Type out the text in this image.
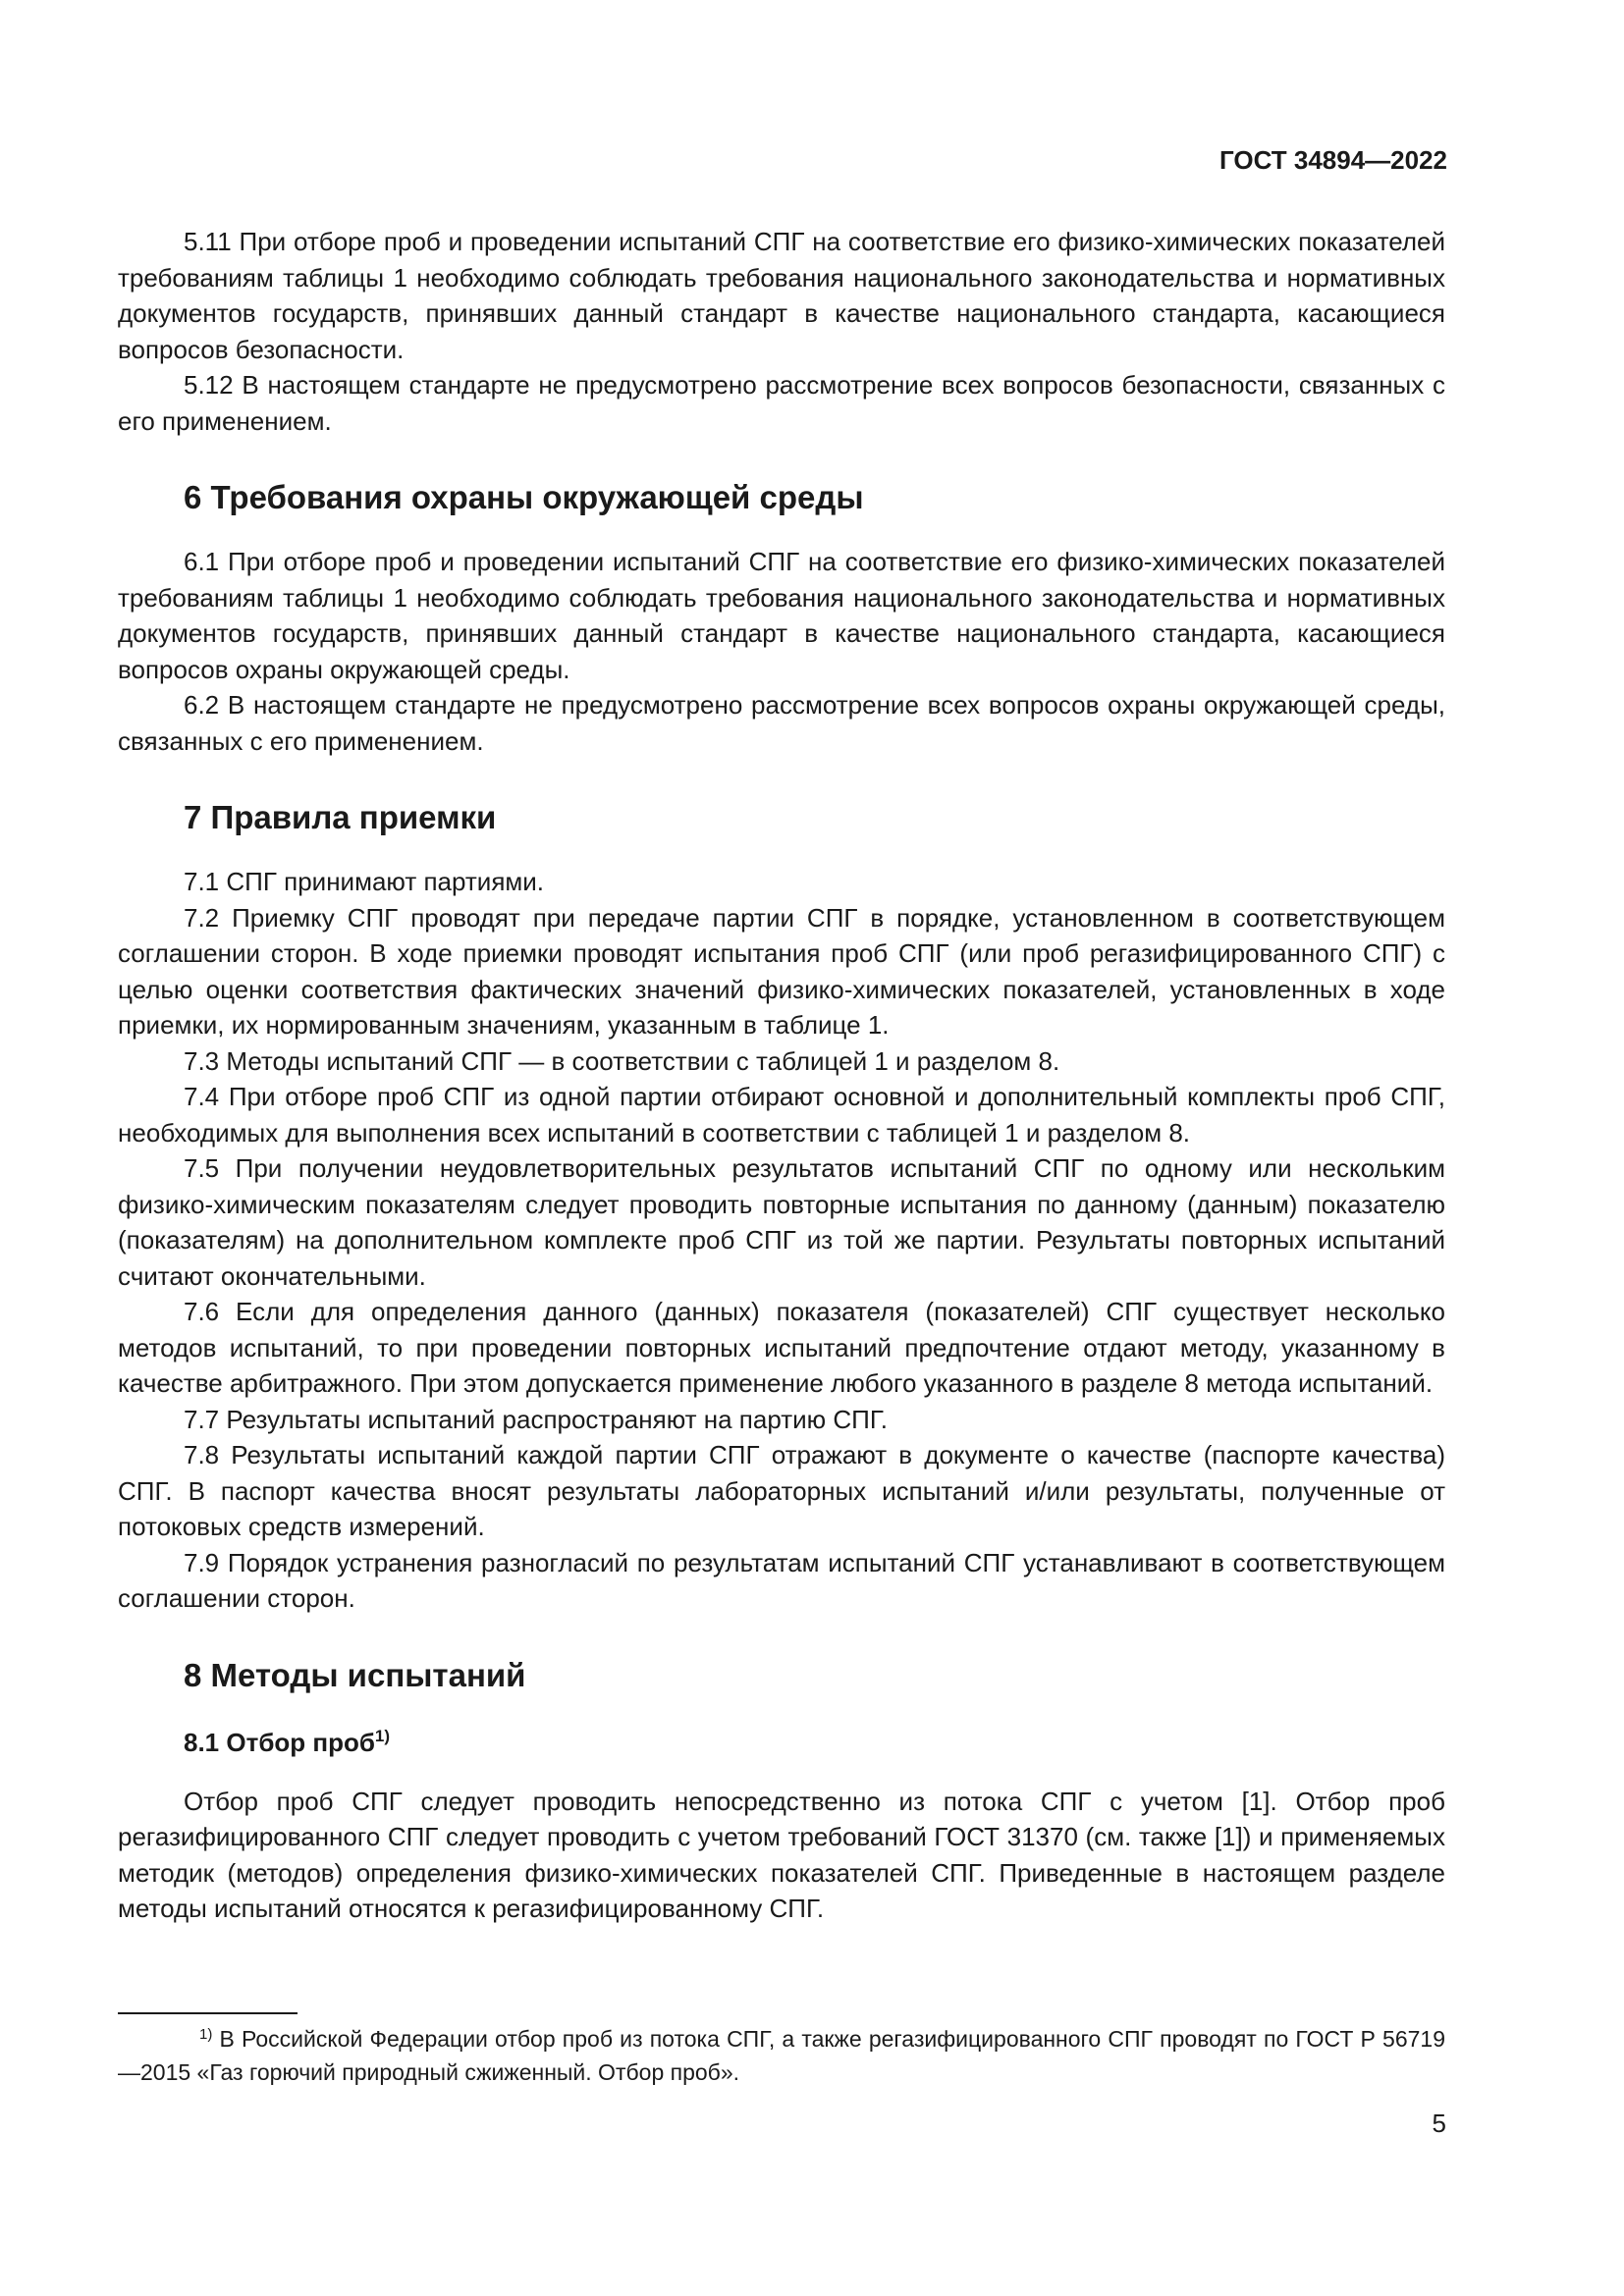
ГОСТ 34894—2022

5.11 При отборе проб и проведении испытаний СПГ на соответствие его физико-химических показателей требованиям таблицы 1 необходимо соблюдать требования национального законодательства и нормативных документов государств, принявших данный стандарт в качестве национального стандарта, касающиеся вопросов безопасности.

5.12 В настоящем стандарте не предусмотрено рассмотрение всех вопросов безопасности, связанных с его применением.

6 Требования охраны окружающей среды

6.1 При отборе проб и проведении испытаний СПГ на соответствие его физико-химических показателей требованиям таблицы 1 необходимо соблюдать требования национального законодательства и нормативных документов государств, принявших данный стандарт в качестве национального стандарта, касающиеся вопросов охраны окружающей среды.

6.2 В настоящем стандарте не предусмотрено рассмотрение всех вопросов охраны окружающей среды, связанных с его применением.

7 Правила приемки

7.1 СПГ принимают партиями.

7.2 Приемку СПГ проводят при передаче партии СПГ в порядке, установленном в соответствующем соглашении сторон. В ходе приемки проводят испытания проб СПГ (или проб регазифицированного СПГ) с целью оценки соответствия фактических значений физико-химических показателей, установленных в ходе приемки, их нормированным значениям, указанным в таблице 1.

7.3 Методы испытаний СПГ — в соответствии с таблицей 1 и разделом 8.

7.4 При отборе проб СПГ из одной партии отбирают основной и дополнительный комплекты проб СПГ, необходимых для выполнения всех испытаний в соответствии с таблицей 1 и разделом 8.

7.5 При получении неудовлетворительных результатов испытаний СПГ по одному или нескольким физико-химическим показателям следует проводить повторные испытания по данному (данным) показателю (показателям) на дополнительном комплекте проб СПГ из той же партии. Результаты повторных испытаний считают окончательными.

7.6 Если для определения данного (данных) показателя (показателей) СПГ существует несколько методов испытаний, то при проведении повторных испытаний предпочтение отдают методу, указанному в качестве арбитражного. При этом допускается применение любого указанного в разделе 8 метода испытаний.

7.7 Результаты испытаний распространяют на партию СПГ.

7.8 Результаты испытаний каждой партии СПГ отражают в документе о качестве (паспорте качества) СПГ. В паспорт качества вносят результаты лабораторных испытаний и/или результаты, полученные от потоковых средств измерений.

7.9 Порядок устранения разногласий по результатам испытаний СПГ устанавливают в соответствующем соглашении сторон.

8 Методы испытаний
8.1 Отбор проб$^{1)}$

Отбор проб СПГ следует проводить непосредственно из потока СПГ с учетом [1]. Отбор проб регазифицированного СПГ следует проводить с учетом требований ГОСТ 31370 (см. также [1]) и применяемых методик (методов) определения физико-химических показателей СПГ. Приведенные в настоящем разделе методы испытаний относятся к регазифицированному СПГ.

$^{1)}$ В Российской Федерации отбор проб из потока СПГ, а также регазифицированного СПГ проводят по ГОСТ Р 56719—2015 «Газ горючий природный сжиженный. Отбор проб».

5
